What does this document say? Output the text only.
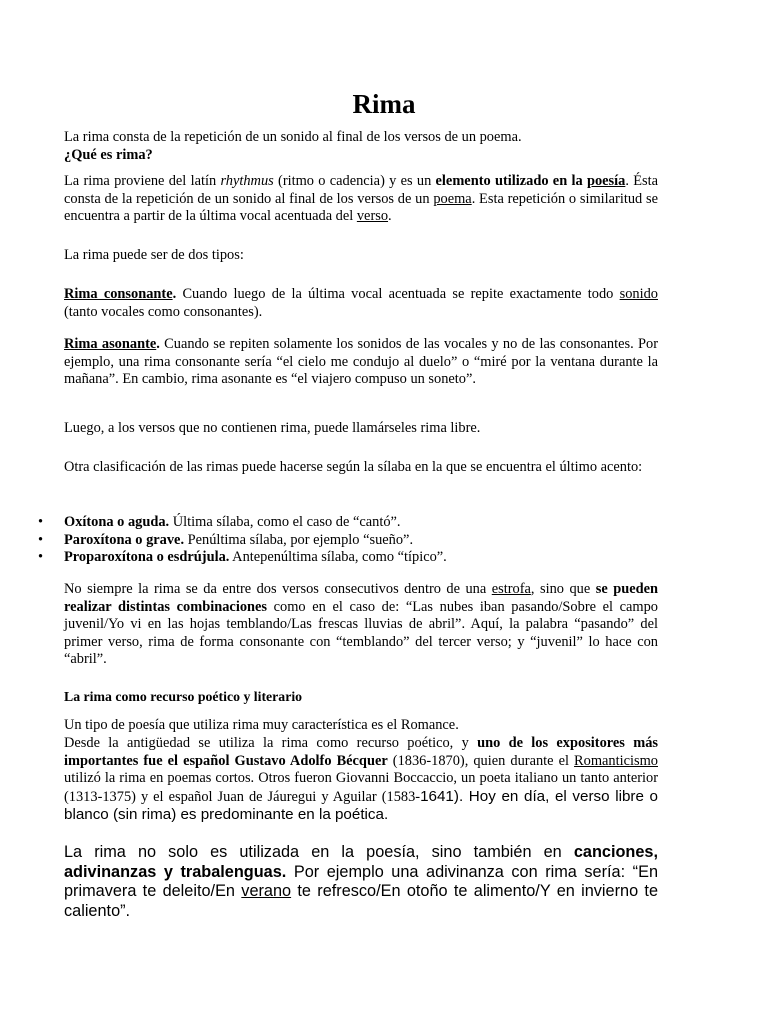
Rima

La rima consta de la repetición de un sonido al final de los versos de un poema.
¿Qué es rima?

La rima proviene del latín rhythmus (ritmo o cadencia) y es un elemento utilizado en la poesía. Ésta consta de la repetición de un sonido al final de los versos de un poema. Esta repetición o similaritud se encuentra a partir de la última vocal acentuada del verso.

La rima puede ser de dos tipos:

Rima consonante. Cuando luego de la última vocal acentuada se repite exactamente todo sonido (tanto vocales como consonantes).

Rima asonante. Cuando se repiten solamente los sonidos de las vocales y no de las consonantes. Por ejemplo, una rima consonante sería “el cielo me condujo al duelo” o “miré por la ventana durante la mañana”. En cambio, rima asonante es “el viajero compuso un soneto”.

Luego, a los versos que no contienen rima, puede llamárseles rima libre.

Otra clasificación de las rimas puede hacerse según la sílaba en la que se encuentra el último acento:

• Oxítona o aguda. Última sílaba, como el caso de “cantó”.
• Paroxítona o grave. Penúltima sílaba, por ejemplo “sueño”.
• Proparoxítona o esdrújula. Antepenúltima sílaba, como “típico”.

No siempre la rima se da entre dos versos consecutivos dentro de una estrofa, sino que se pueden realizar distintas combinaciones como en el caso de: “Las nubes iban pasando/Sobre el campo juvenil/Yo vi en las hojas temblando/Las frescas lluvias de abril”. Aquí, la palabra “pasando” del primer verso, rima de forma consonante con “temblando” del tercer verso; y “juvenil” lo hace con “abril”.

La rima como recurso poético y literario

Un tipo de poesía que utiliza rima muy característica es el Romance.

Desde la antigüedad se utiliza la rima como recurso poético, y uno de los expositores más importantes fue el español Gustavo Adolfo Bécquer (1836-1870), quien durante el Romanticismo utilizó la rima en poemas cortos. Otros fueron Giovanni Boccaccio, un poeta italiano un tanto anterior (1313-1375) y el español Juan de Jáuregui y Aguilar (1583-1641). Hoy en día, el verso libre o blanco (sin rima) es predominante en la poética.

La rima no solo es utilizada en la poesía, sino también en canciones, adivinanzas y trabalenguas. Por ejemplo una adivinanza con rima sería: “En primavera te deleito/En verano te refresco/En otoño te alimento/Y en invierno te caliento”.
